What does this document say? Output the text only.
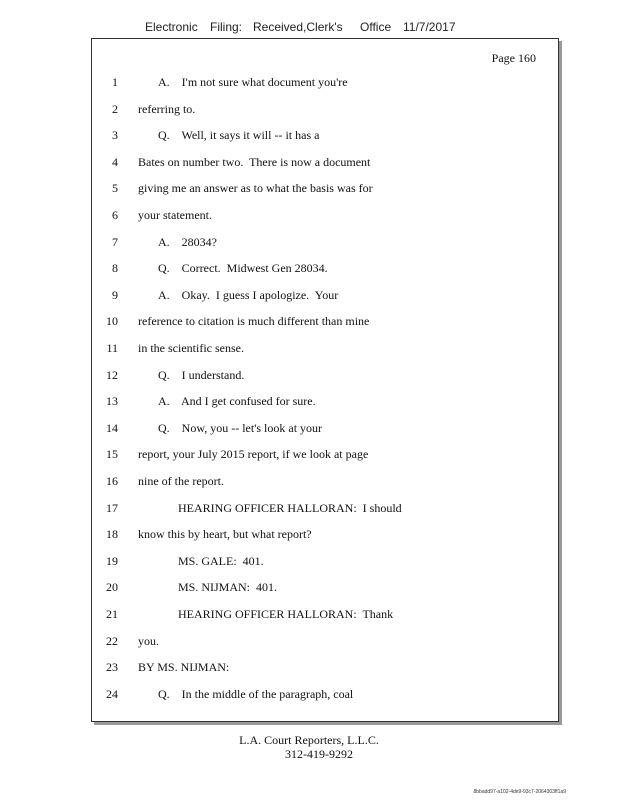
Electronic Filing: Received,Clerk's Office 11/7/2017
Page 160
1	A.    I'm not sure what document you're
2 referring to.
3	Q.    Well, it says it will -- it has a
4 Bates on number two.  There is now a document
5 giving me an answer as to what the basis was for
6 your statement.
7	A.    28034?
8	Q.    Correct.  Midwest Gen 28034.
9	A.    Okay.  I guess I apologize.  Your
10 reference to citation is much different than mine
11 in the scientific sense.
12	Q.    I understand.
13	A.    And I get confused for sure.
14	Q.    Now, you -- let's look at your
15 report, your July 2015 report, if we look at page
16 nine of the report.
17	HEARING OFFICER HALLORAN:  I should
18 know this by heart, but what report?
19	MS. GALE:  401.
20	MS. NIJMAN:  401.
21	HEARING OFFICER HALLORAN:  Thank
22 you.
23 BY MS. NIJMAN:
24	Q.    In the middle of the paragraph, coal
L.A. Court Reporters, L.L.C.
312-419-9292
8bbadd97-a102-4de9-93c7-2064303ff1a9
